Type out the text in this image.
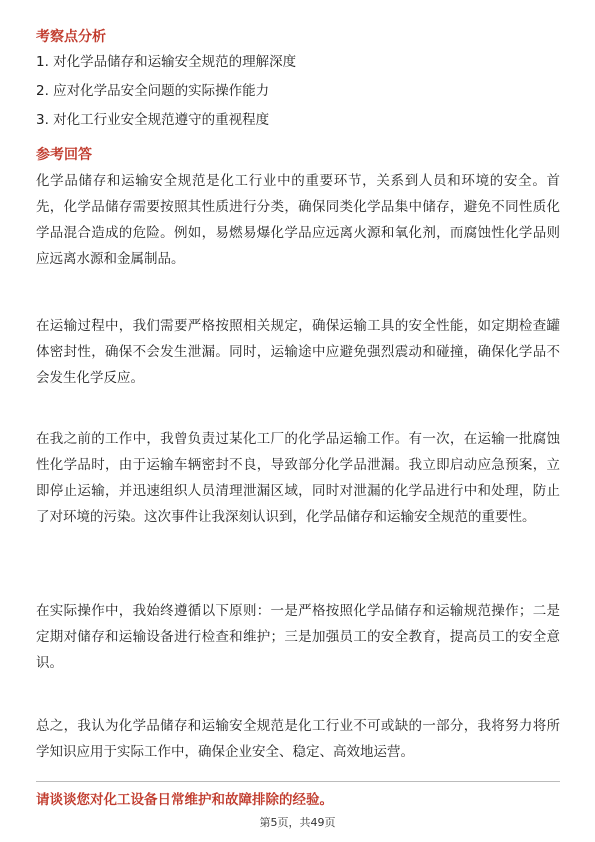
考察点分析

1. 对化学品储存和运输安全规范的理解深度

2. 应对化学品安全问题的实际操作能力

3. 对化工行业安全规范遵守的重视程度

参考回答

化学品储存和运输安全规范是化工行业中的重要环节，关系到人员和环境的安全。首先，化学品储存需要按照其性质进行分类，确保同类化学品集中储存，避免不同性质化学品混合造成的危险。例如，易燃易爆化学品应远离火源和氧化剂，而腐蚀性化学品则应远离水源和金属制品。

在运输过程中，我们需要严格按照相关规定，确保运输工具的安全性能，如定期检查罐体密封性，确保不会发生泄漏。同时，运输途中应避免强烈震动和碰撞，确保化学品不会发生化学反应。

在我之前的工作中，我曾负责过某化工厂的化学品运输工作。有一次，在运输一批腐蚀性化学品时，由于运输车辆密封不良，导致部分化学品泄漏。我立即启动应急预案，立即停止运输，并迅速组织人员清理泄漏区域，同时对泄漏的化学品进行中和处理，防止了对环境的污染。这次事件让我深刻认识到，化学品储存和运输安全规范的重要性。

在实际操作中，我始终遵循以下原则：一是严格按照化学品储存和运输规范操作；二是定期对储存和运输设备进行检查和维护；三是加强员工的安全教育，提高员工的安全意识。

总之，我认为化学品储存和运输安全规范是化工行业不可或缺的一部分，我将努力将所学知识应用于实际工作中，确保企业安全、稳定、高效地运营。

请谈谈您对化工设备日常维护和故障排除的经验。

第5页，共49页
